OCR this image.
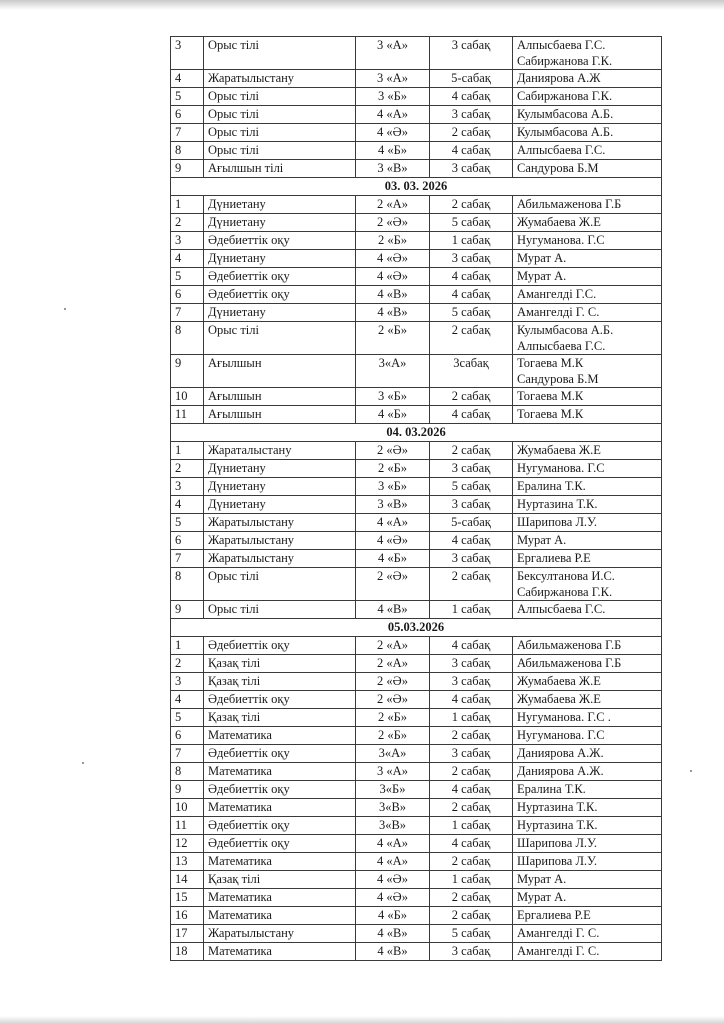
3	Орыс тілі	3 «А»	3 сабақ	Алпысбаева Г.С.
Сабиржанова Г.К.

4	Жаратылыстану	3 «А»	5-сабақ	Даниярова А.Ж

5	Орыс тілі	3 «Б»	4 сабақ	Сабиржанова Г.К.

6	Орыс тілі	4 «А»	3 сабақ	Кулымбасова А.Б.

7	Орыс тілі	4 «Ә»	2 сабақ	Кулымбасова А.Б.

8	Орыс тілі	4 «Б»	4 сабақ	Алпысбаева Г.С.

9	Ағылшын тілі	3 «В»	3 сабақ	Сандурова Б.М

03. 03. 2026				
1	Дүниетану	2 «А»	2 сабақ	Абильмаженова Г.Б

2	Дүниетану	2 «Ә»	5 сабақ	Жумабаева Ж.Е

3	Әдебиеттік оқу	2 «Б»	1 сабақ	Нугуманова. Г.С

4	Дүниетану	4 «Ә»	3 сабақ	Мурат А.

5	Әдебиеттік оқу	4 «Ә»	4 сабақ	Мурат А.

6	Әдебиеттік оқу	4 «В»	4 сабақ	Амангелді Г.С.

7	Дүниетану	4 «В»	5 сабақ	Амангелді Г. С.

8	Орыс тілі	2 «Б»	2 сабақ	Кулымбасова А.Б.
Алпысбаева Г.С.

9	Ағылшын	3«А»	3сабақ	Тогаева М.К
Сандурова Б.М

10	Ағылшын	3 «Б»	2 сабақ	Тогаева М.К

11	Ағылшын	4 «Б»	4 сабақ	Тогаева М.К

04. 03.2026				
1	Жараталыстану	2 «Ә»	2 сабақ	Жумабаева Ж.Е

2	Дүниетану	2 «Б»	3 сабақ	Нугуманова. Г.С

3	Дүниетану	3 «Б»	5 сабақ	Ералина Т.К.

4	Дүниетану	3 «В»	3 сабақ	Нуртазина Т.К.

5	Жаратылыстану	4 «А»	5-сабақ	Шарипова Л.У.

6	Жаратылыстану	4 «Ә»	4 сабақ	Мурат А.

7	Жаратылыстану	4 «Б»	3 сабақ	Ергалиева Р.Е

8	Орыс тілі	2 «Ә»	2 сабақ	Бексултанова И.С.
Сабиржанова Г.К.

9	Орыс тілі	4 «В»	1 сабақ	Алпысбаева Г.С.

05.03.2026				
1	Әдебиеттік оқу	2 «А»	4 сабақ	Абильмаженова Г.Б

2	Қазақ тілі	2 «А»	3 сабақ	Абильмаженова Г.Б

3	Қазақ тілі	2 «Ә»	3 сабақ	Жумабаева Ж.Е

4	Әдебиеттік оқу	2 «Ә»	4 сабақ	Жумабаева Ж.Е

5	Қазақ тілі	2 «Б»	1 сабақ	Нугуманова. Г.С .

6	Математика	2 «Б»	2 сабақ	Нугуманова. Г.С

7	Әдебиеттік оқу	3«А»	3 сабақ	Даниярова А.Ж.

8	Математика	3 «А»	2 сабақ	Даниярова А.Ж.

9	Әдебиеттік оқу	3«Б»	4 сабақ	Ералина Т.К.

10	Математика	3«В»	2 сабақ	Нуртазина Т.К.

11	Әдебиеттік оқу	3«В»	1 сабақ	Нуртазина Т.К.

12	Әдебиеттік оқу	4 «А»	4 сабақ	Шарипова Л.У.

13	Математика	4 «А»	2 сабақ	Шарипова Л.У.

14	Қазақ тілі	4 «Ә»	1 сабақ	Мурат А.

15	Математика	4 «Ә»	2 сабақ	Мурат А.

16	Математика	4 «Б»	2 сабақ	Ергалиева Р.Е

17	Жаратылыстану	4 «В»	5 сабақ	Амангелді Г. С.

18	Математика	4 «В»	3 сабақ	Амангелді Г. С.
